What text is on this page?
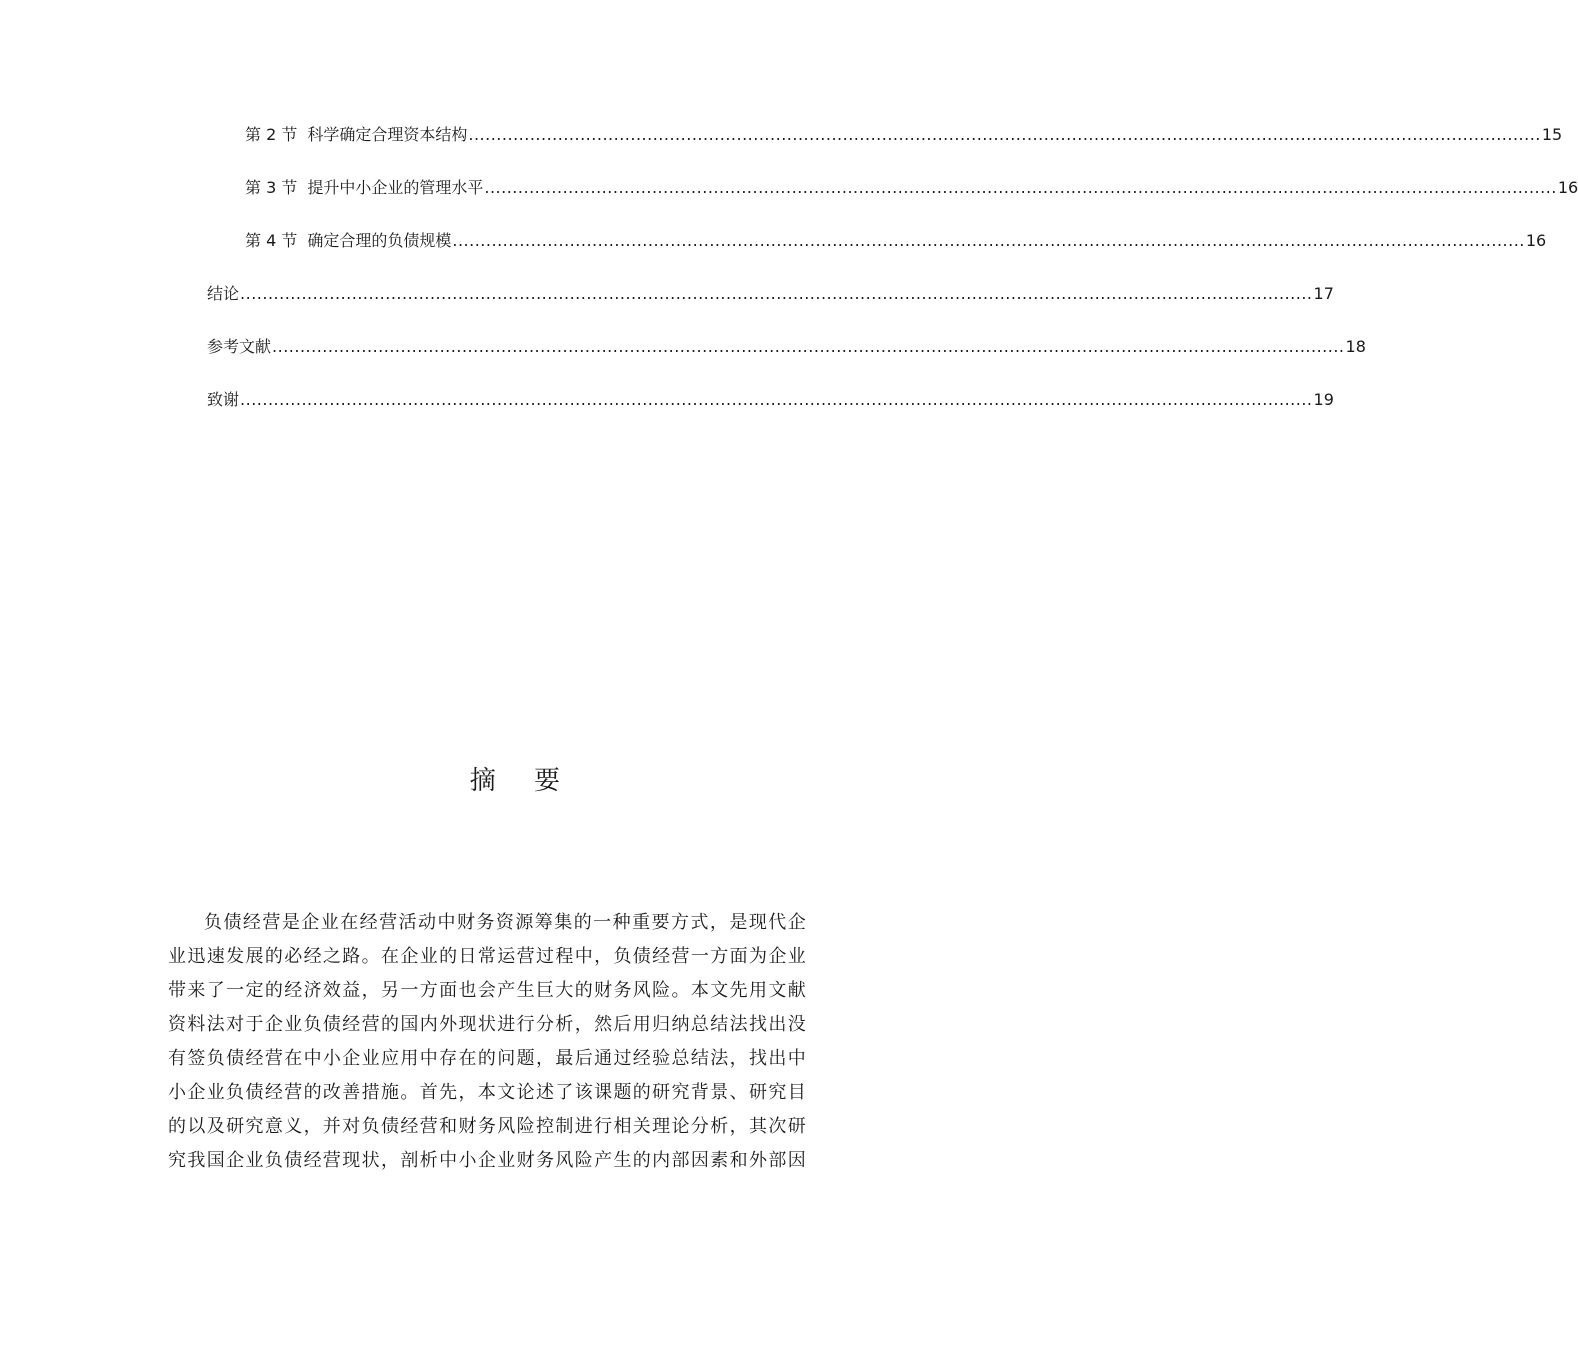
第 2 节 科学确定合理资本结构 ................................................................................................................................................................................................ 15
第 3 节 提升中小企业的管理水平 ................................................................................................................................................................................................ 16
第 4 节 确定合理的负债规模 ................................................................................................................................................................................................ 16
结论 ................................................................................................................................................................................................ 17
参考文献 ................................................................................................................................................................................................ 18
致谢 ................................................................................................................................................................................................ 19
摘 要
负债经营是企业在经营活动中财务资源筹集的一种重要方式，是现代企
业迅速发展的必经之路。在企业的日常运营过程中，负债经营一方面为企业
带来了一定的经济效益，另一方面也会产生巨大的财务风险。本文先用文献
资料法对于企业负债经营的国内外现状进行分析，然后用归纳总结法找出没
有签负债经营在中小企业应用中存在的问题，最后通过经验总结法，找出中
小企业负债经营的改善措施。首先，本文论述了该课题的研究背景、研究目
的以及研究意义，并对负债经营和财务风险控制进行相关理论分析，其次研
究我国企业负债经营现状，剖析中小企业财务风险产生的内部因素和外部因
